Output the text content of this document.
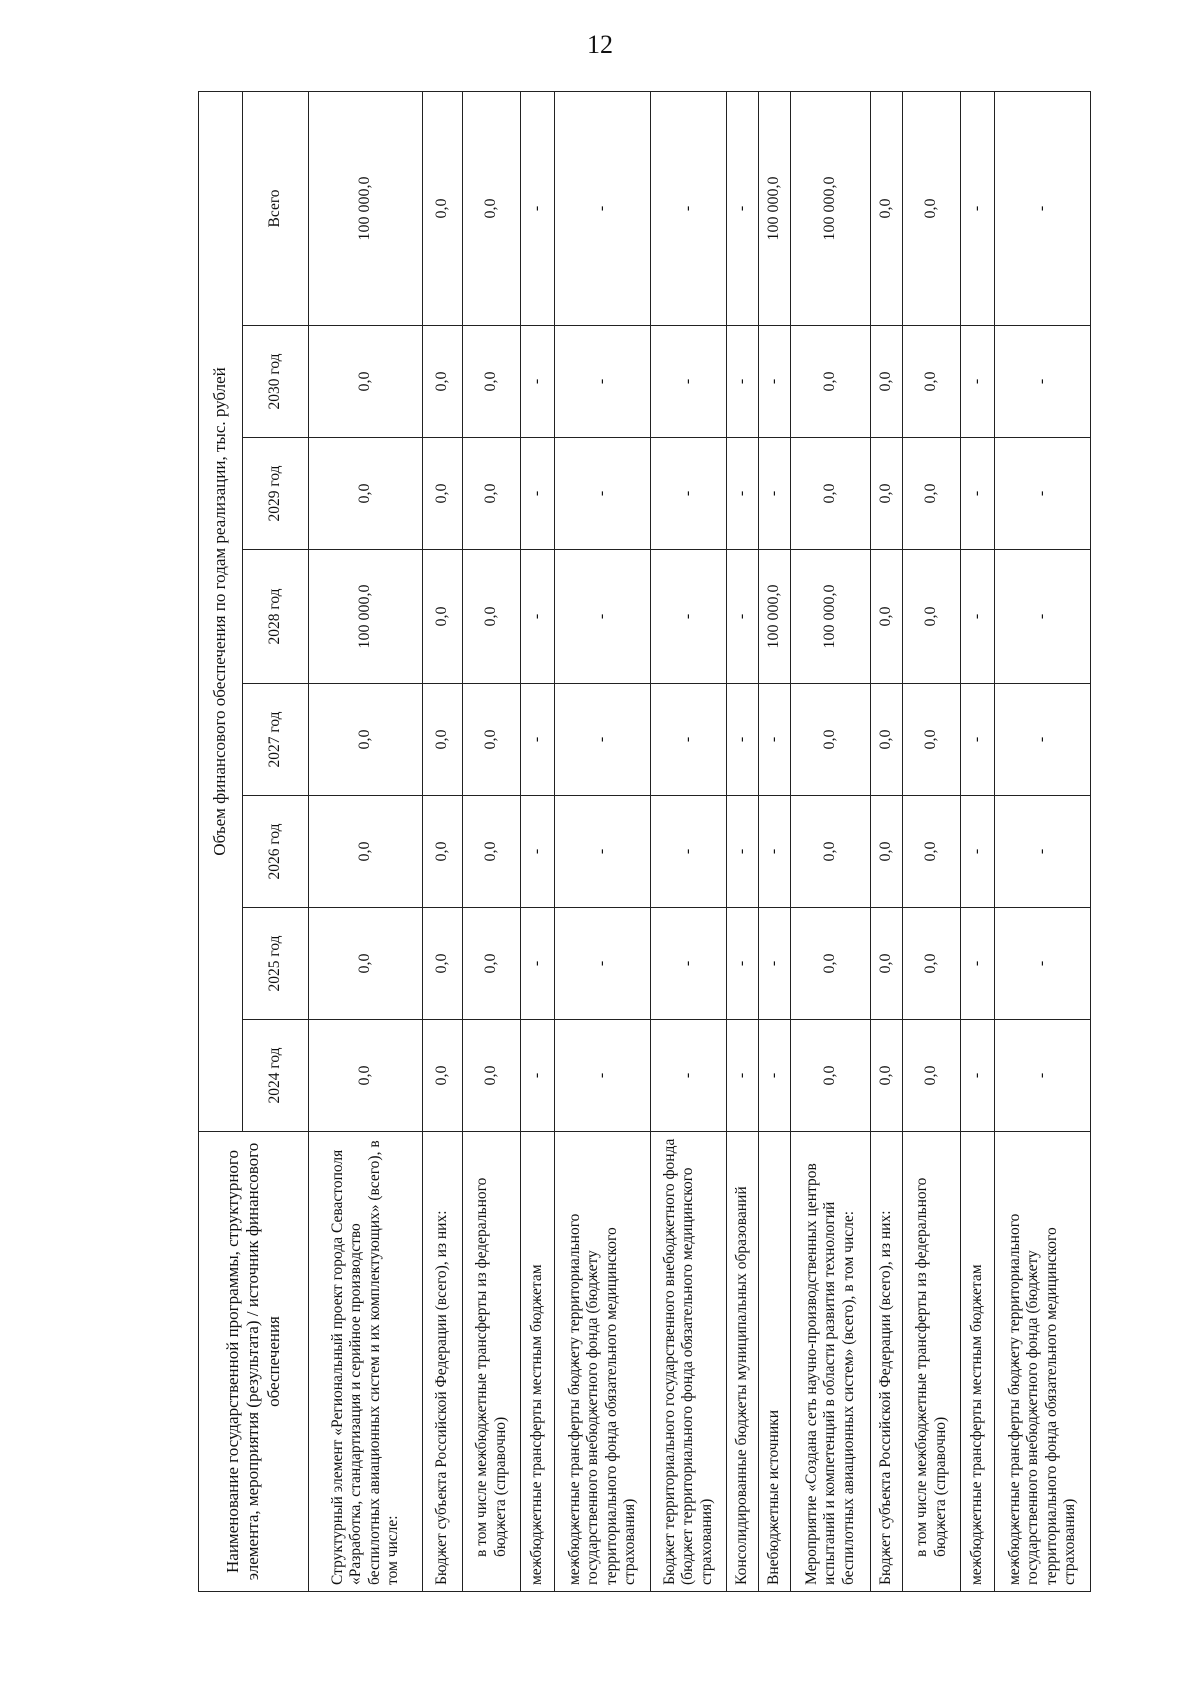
12
Наименование государственной программы, структурного элемента, мероприятия (результата) / источник финансового обеспечения	Объем финансового обеспечения по годам реализации, тыс. рублей							
	2024 год	2025 год	2026 год	2027 год	2028 год	2029 год	2030 год	Всего
Структурный элемент «Региональный проект города Севастополя «Разработка, стандартизация и серийное производство беспилотных авиационных систем и их комплектующих» (всего), в том числе:	0,0	0,0	0,0	0,0	100 000,0	0,0	0,0	100 000,0
Бюджет субъекта Российской Федерации (всего), из них:	0,0	0,0	0,0	0,0	0,0	0,0	0,0	0,0
в том числе межбюджетные трансферты из федерального бюджета (справочно)	0,0	0,0	0,0	0,0	0,0	0,0	0,0	0,0
межбюджетные трансферты местным бюджетам	-	-	-	-	-	-	-	-
межбюджетные трансферты бюджету территориального государственного внебюджетного фонда (бюджету территориального фонда обязательного медицинского страхования)	-	-	-	-	-	-	-	-
Бюджет территориального государственного внебюджетного фонда (бюджет территориального фонда обязательного медицинского страхования)	-	-	-	-	-	-	-	-
Консолидированные бюджеты муниципальных образований	-	-	-	-	-	-	-	-
Внебюджетные источники	-	-	-	-	100 000,0	-	-	100 000,0
Мероприятие «Создана сеть научно-производственных центров испытаний и компетенций в области развития технологий беспилотных авиационных систем» (всего), в том числе:	0,0	0,0	0,0	0,0	100 000,0	0,0	0,0	100 000,0
Бюджет субъекта Российской Федерации (всего), из них:	0,0	0,0	0,0	0,0	0,0	0,0	0,0	0,0
в том числе межбюджетные трансферты из федерального бюджета (справочно)	0,0	0,0	0,0	0,0	0,0	0,0	0,0	0,0
межбюджетные трансферты местным бюджетам	-	-	-	-	-	-	-	-
межбюджетные трансферты бюджету территориального государственного внебюджетного фонда (бюджету территориального фонда обязательного медицинского страхования)	-	-	-	-	-	-	-	-
